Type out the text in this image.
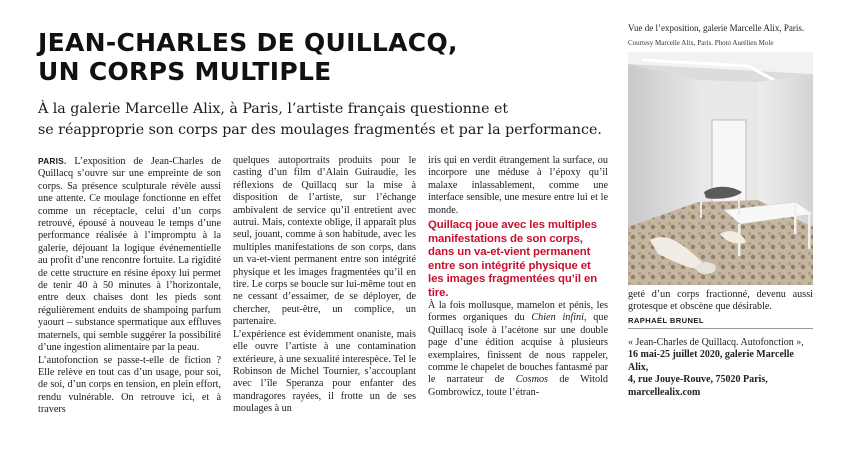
JEAN-CHARLES DE QUILLACQ,
UN CORPS MULTIPLE
À la galerie Marcelle Alix, à Paris, l’artiste français questionne et
se réapproprie son corps par des moulages fragmentés et par la performance.

PARIS. L’exposition de Jean-Charles de Quillacq s’ouvre sur une empreinte de son corps. Sa présence sculpturale révèle aussi une attente. Ce moulage fonctionne en effet comme un réceptacle, celui d’un corps retrouvé, épousé à nouveau le temps d’une performance réalisée à l’impromptu à la galerie, déjouant la logique événementielle au profit d’une rencontre fortuite. La rigidité de cette structure en résine époxy lui permet de tenir 40 à 50 minutes à l’horizontale, entre deux chaises dont les pieds sont régulièrement enduits de shampoing parfum yaourt – substance spermatique aux effluves maternels, qui semble suggérer la possibilité d’une ingestion alimentaire par la peau.

L’autofonction se passe-t-elle de fiction ? Elle relève en tout cas d’un usage, pour soi, de soi, d’un corps en tension, en plein effort, rendu vulnérable. On retrouve ici, et à travers

quelques autoportraits produits pour le casting d’un film d’Alain Guiraudie, les réflexions de Quillacq sur la mise à disposition de l’artiste, sur l’échange ambivalent de service qu’il entretient avec autrui. Mais, contexte oblige, il apparaît plus seul, jouant, comme à son habitude, avec les multiples manifestations de son corps, dans un va-et-vient permanent entre son intégrité physique et les images fragmentées qu’il en tire. Le corps se boucle sur lui-même tout en ne cessant d’essaimer, de se déployer, de chercher, peut-être, un complice, un partenaire.

L’expérience est évidemment onaniste, mais elle ouvre l’artiste à une contamination extérieure, à une sexualité interespèce. Tel le Robinson de Michel Tournier, s’accouplant avec l’île Speranza pour enfanter des mandragores rayées, il frotte un de ses moulages à un

iris qui en verdit étrangement la surface, ou incorpore une méduse à l’époxy qu’il malaxe inlassablement, comme une interface sensible, une mesure entre lui et le monde.

Quillacq joue avec les multiples manifestations de son corps, dans un va-et-vient permanent entre son intégrité physique et les images fragmentées qu’il en tire.

À la fois mollusque, mamelon et pénis, les formes organiques du Chien infini, que Quillacq isole à l’acétone sur une double page d’une édition acquise à plusieurs exemplaires, finissent de nous rappeler, comme le chapelet de bouches fantasmé par le narrateur de Cosmos de Witold Gombrowicz, toute l’étran-

Vue de l’exposition, galerie Marcelle Alix, Paris.
Courtesy Marcelle Alix, Paris. Photo Aurélien Mole
geté d’un corps fractionné, devenu aussi grotesque et obscène que désirable.
RAPHAËL BRUNEL
« Jean-Charles de Quillacq. Autofonction »,
16 mai-25 juillet 2020, galerie Marcelle Alix,
4, rue Jouye-Rouve, 75020 Paris,
marcellealix.com
